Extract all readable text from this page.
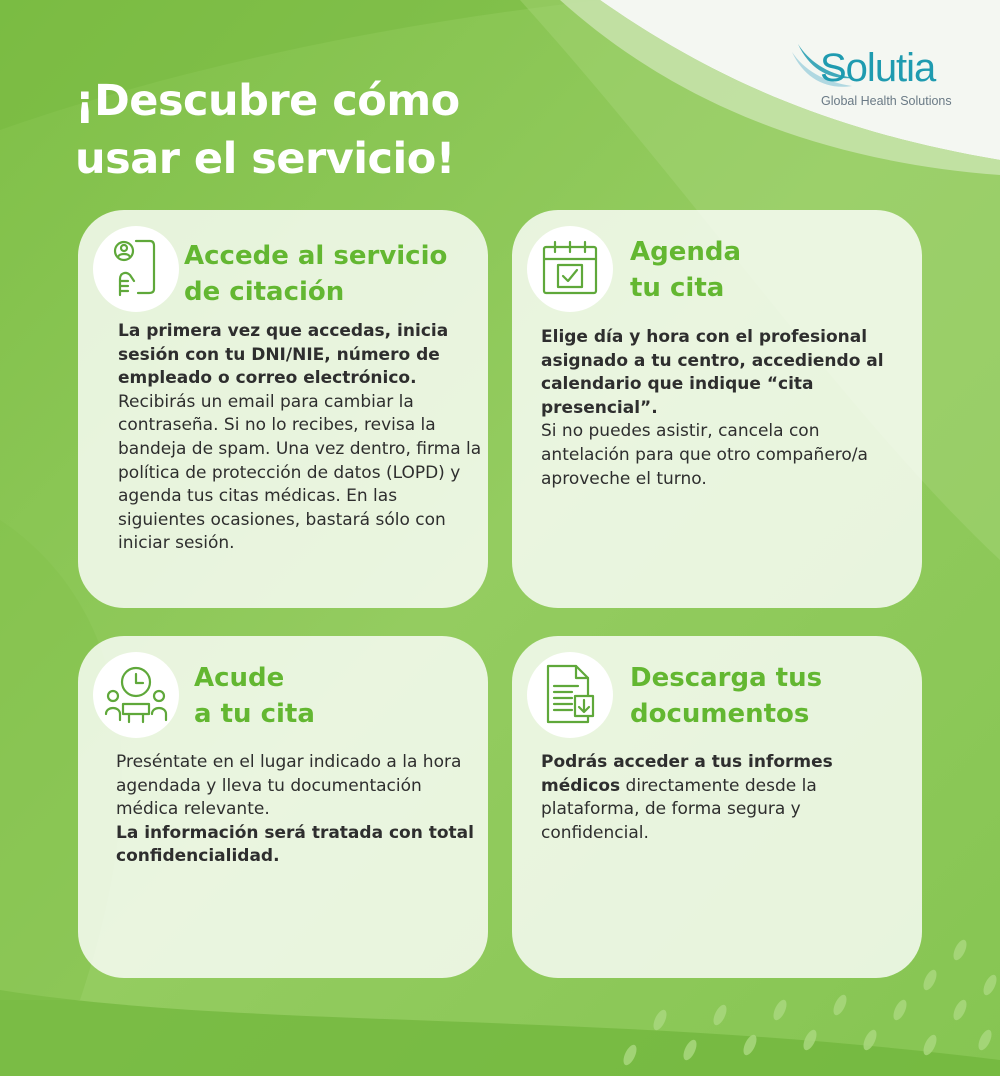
¡Descubre cómo usar el servicio!
Solutia
Global Health Solutions
Accede al servicio
de citación
La primera vez que accedas, inicia sesión con tu DNI/NIE, número de empleado o correo electrónico. Recibirás un email para cambiar la contraseña. Si no lo recibes, revisa la bandeja de spam. Una vez dentro, firma la política de protección de datos (LOPD) y agenda tus citas médicas. En las siguientes ocasiones, bastará sólo con iniciar sesión.
Agenda
tu cita
Elige día y hora con el profesional asignado a tu centro, accediendo al calendario que indique “cita presencial”.
Si no puedes asistir, cancela con antelación para que otro compañero/a aproveche el turno.
Acude
a tu cita
Preséntate en el lugar indicado a la hora agendada y lleva tu documentación médica relevante.
La información será tratada con total confidencialidad.
Descarga tus
documentos
Podrás acceder a tus informes médicos directamente desde la plataforma, de forma segura y confidencial.
